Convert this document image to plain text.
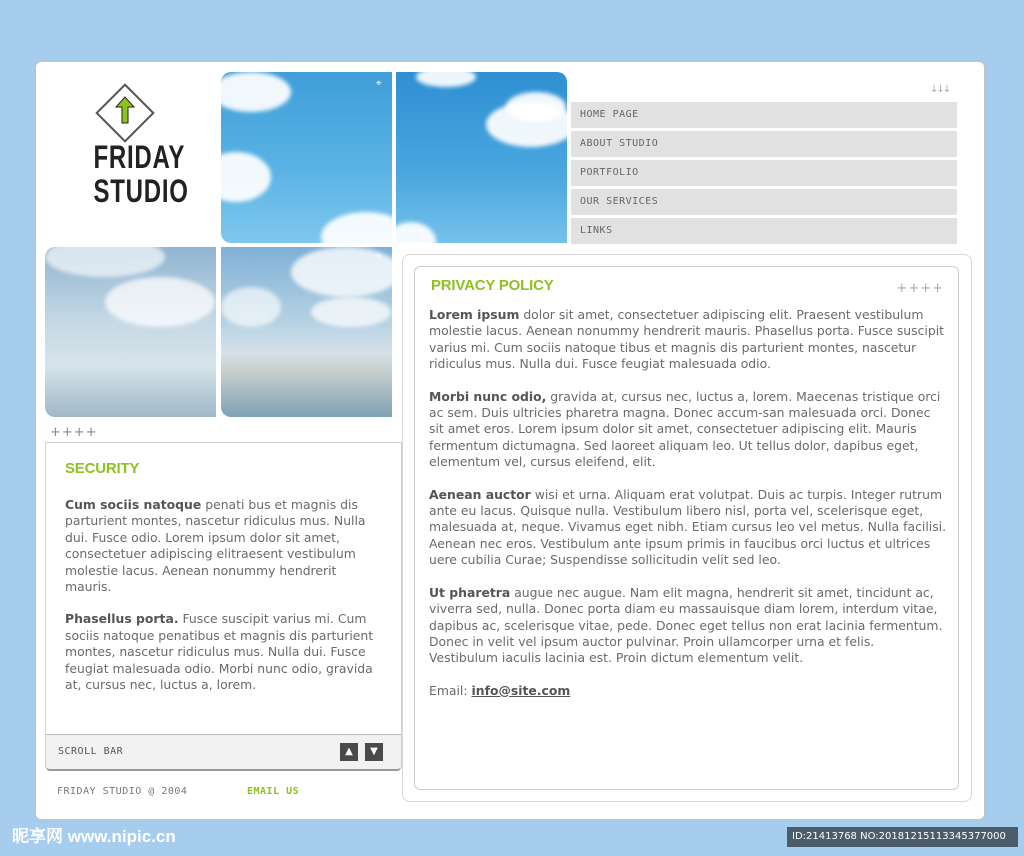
FRIDAY
STUDIO
⌖
⌖
↓↓↓
HOME PAGE
ABOUT STUDIO
PORTFOLIO
OUR SERVICES
LINKS
++++
SECURITY

Cum sociis natoque penati bus et magnis dis parturient montes, nascetur ridiculus mus. Nulla dui. Fusce odio. Lorem ipsum dolor sit amet, consectetuer adipiscing elitraesent vestibulum molestie lacus. Aenean nonummy hendrerit mauris.

Phasellus porta. Fusce suscipit varius mi. Cum sociis natoque penatibus et magnis dis parturient montes, nascetur ridiculus mus. Nulla dui. Fusce feugiat malesuada odio. Morbi nunc odio, gravida at, cursus nec, luctus a, lorem.

SCROLL BAR	▲	▼
PRIVACY POLICY	++++

Lorem ipsum dolor sit amet, consectetuer adipiscing elit. Praesent vestibulum molestie lacus. Aenean nonummy hendrerit mauris. Phasellus porta. Fusce suscipit varius mi. Cum sociis natoque tibus et magnis dis parturient montes, nascetur ridiculus mus. Nulla dui. Fusce feugiat malesuada odio.

Morbi nunc odio, gravida at, cursus nec, luctus a, lorem. Maecenas tristique orci ac sem. Duis ultricies pharetra magna. Donec accum-san malesuada orci. Donec sit amet eros. Lorem ipsum dolor sit amet, consectetuer adipiscing elit. Mauris fermentum dictumagna. Sed laoreet aliquam leo. Ut tellus dolor, dapibus eget, elementum vel, cursus eleifend, elit.

Aenean auctor wisi et urna. Aliquam erat volutpat. Duis ac turpis. Integer rutrum ante eu lacus. Quisque nulla. Vestibulum libero nisl, porta vel, scelerisque eget, malesuada at, neque. Vivamus eget nibh. Etiam cursus leo vel metus. Nulla facilisi. Aenean nec eros. Vestibulum ante ipsum primis in faucibus orci luctus et ultrices uere cubilia Curae; Suspendisse sollicitudin velit sed leo.

Ut pharetra augue nec augue. Nam elit magna, hendrerit sit amet, tincidunt ac, viverra sed, nulla. Donec porta diam eu massauisque diam lorem, interdum vitae, dapibus ac, scelerisque vitae, pede. Donec eget tellus non erat lacinia fermentum. Donec in velit vel ipsum auctor pulvinar. Proin ullamcorper urna et felis. Vestibulum iaculis lacinia est. Proin dictum elementum velit.

Email: info@site.com

FRIDAY STUDIO @ 2004	EMAIL US
昵享网 www.nipic.cn	ID:21413768 NO:20181215113345377000
